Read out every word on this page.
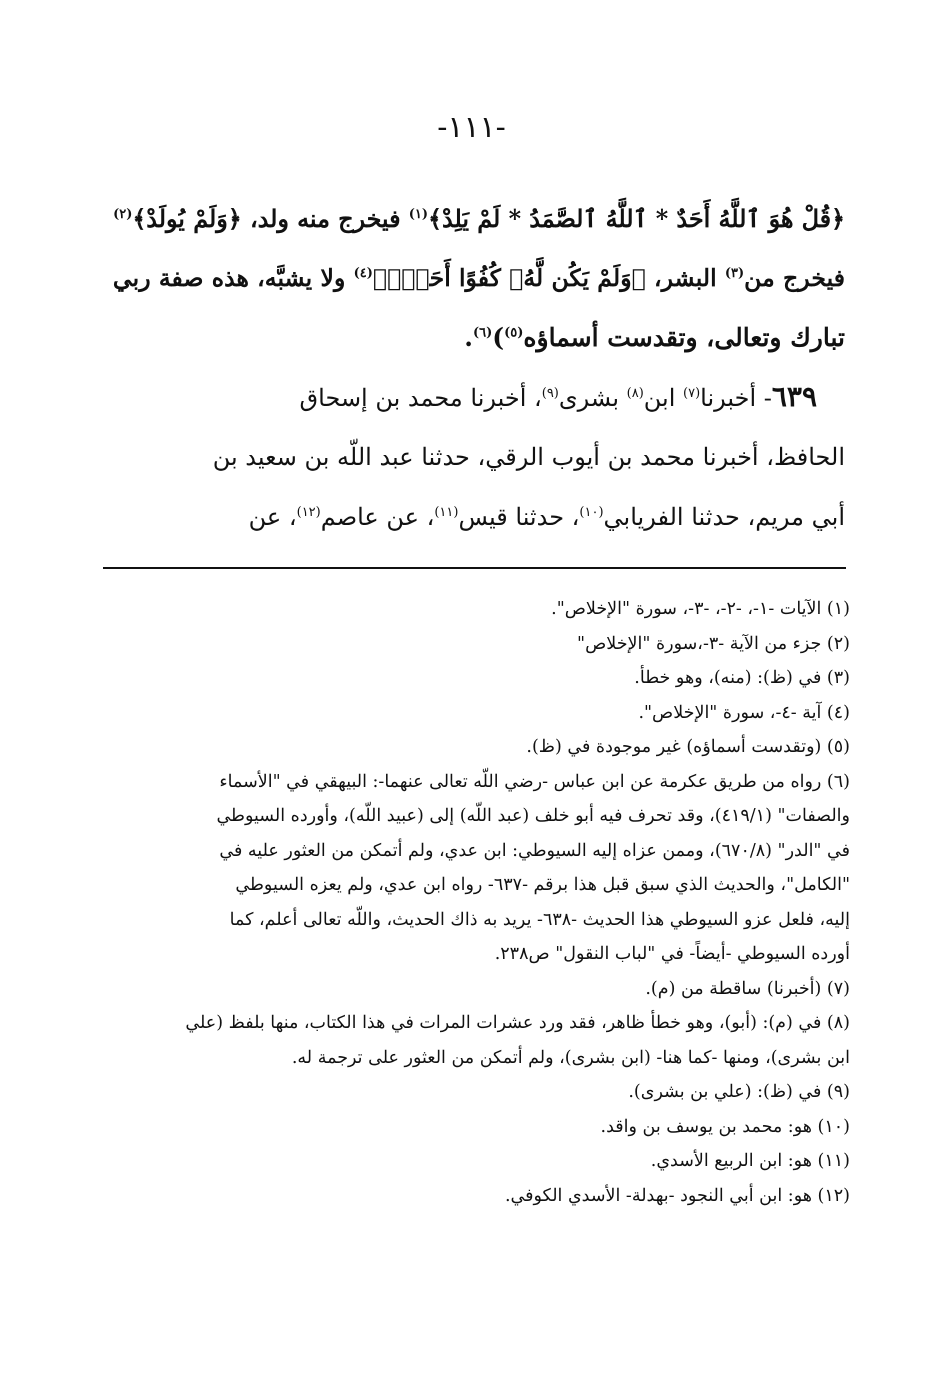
-١١١-
﴿قُلْ هُوَ ٱللَّهُ أَحَدٌ * ٱللَّهُ ٱلصَّمَدُ * لَمْ يَلِدْ﴾$^{(١)}$ فيخرج منه ولد، ﴿وَلَمْ يُولَدْ﴾$^{(٢)}$
فيخرج من$^{(٣)}$ البشر، ﴿وَلَمْ يَكُن لَّهُۥ كُفُوًا أَحَدٌۢ﴾$^{(٤)}$ ولا يشبَّه، هذه صفة ربي
تبارك وتعالى، وتقدست أسماؤه$^{(٥)}$)$^{(٦)}$.
٦٣٩- أخبرنا$^{(٧)}$ ابن$^{(٨)}$ بشرى$^{(٩)}$، أخبرنا محمد بن إسحاق
الحافظ، أخبرنا محمد بن أيوب الرقي، حدثنا عبد اللّه بن سعيد بن
أبي مريم، حدثنا الفريابي$^{(١٠)}$، حدثنا قيس$^{(١١)}$، عن عاصم$^{(١٢)}$، عن
(١) الآيات -١-، -٢-، -٣-، سورة "الإخلاص".
(٢) جزء من الآية -٣-،سورة "الإخلاص"
(٣) في (ظ): (منه)، وهو خطأ.
(٤) آية -٤-، سورة "الإخلاص".
(٥) (وتقدست أسماؤه) غير موجودة في (ظ).
(٦) رواه من طريق عكرمة عن ابن عباس -رضي اللّه تعالى عنهما-: البيهقي في "الأسماء
والصفات" (٤١٩/١)، وقد تحرف فيه أبو خلف (عبد اللّه) إلى (عبيد اللّه)، وأورده السيوطي
في "الدر" (٦٧٠/٨)، وممن عزاه إليه السيوطي: ابن عدي، ولم أتمكن من العثور عليه في
"الكامل"، والحديث الذي سبق قبل هذا برقم -٦٣٧- رواه ابن عدي، ولم يعزه السيوطي
إليه، فلعل عزو السيوطي هذا الحديث -٦٣٨- يريد به ذاك الحديث، واللّه تعالى أعلم، كما
أورده السيوطي -أيضاً- في "لباب النقول" ص٢٣٨.
(٧) (أخبرنا) ساقطة من (م).
(٨) في (م): (أبو)، وهو خطأ ظاهر، فقد ورد عشرات المرات في هذا الكتاب، منها بلفظ (علي
ابن بشرى)، ومنها -كما هنا- (ابن بشرى)، ولم أتمكن من العثور على ترجمة له.
(٩) في (ظ): (علي بن بشرى).
(١٠) هو: محمد بن يوسف بن واقد.
(١١) هو: ابن الربيع الأسدي.
(١٢) هو: ابن أبي النجود -بهدلة- الأسدي الكوفي.
